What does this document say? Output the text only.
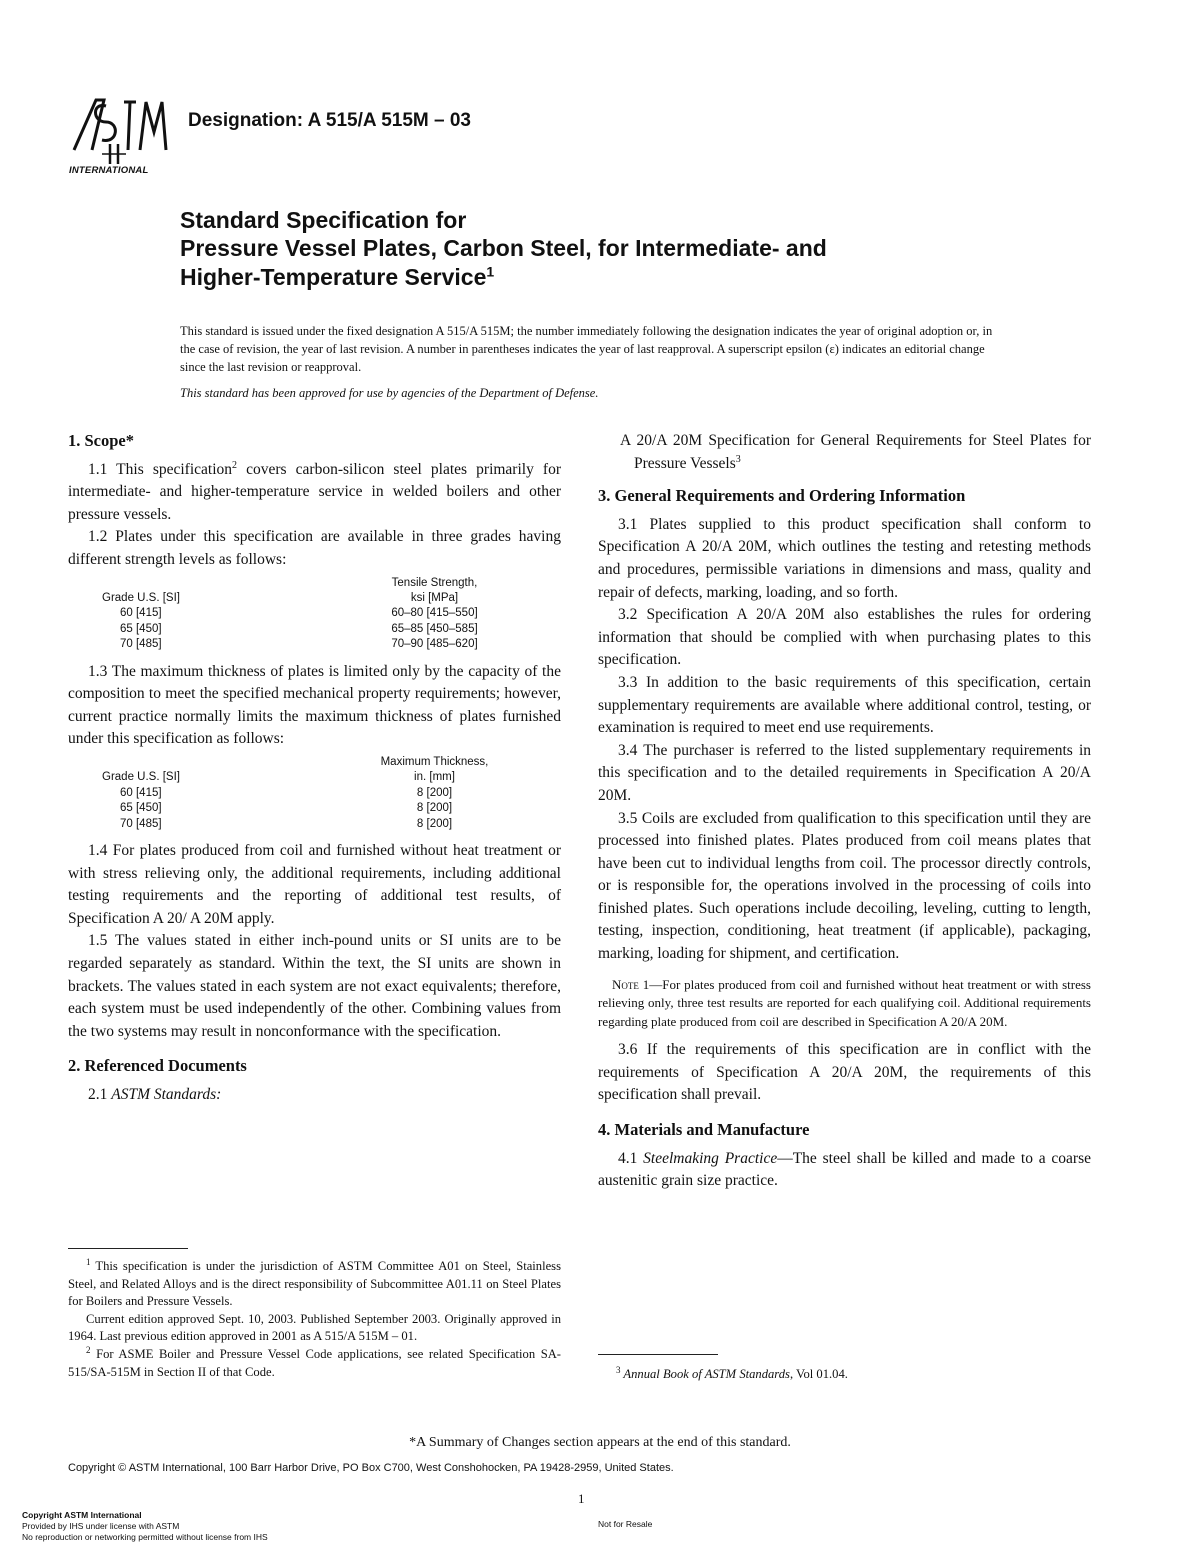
INTERNATIONAL
Designation: A 515/A 515M – 03
Standard Specification for
Pressure Vessel Plates, Carbon Steel, for Intermediate- and
Higher-Temperature Service$^1$

This standard is issued under the fixed designation A 515/A 515M; the number immediately following the designation indicates the year of original adoption or, in the case of revision, the year of last revision. A number in parentheses indicates the year of last reapproval. A superscript epsilon (ε) indicates an editorial change since the last revision or reapproval.

This standard has been approved for use by agencies of the Department of Defense.

1. Scope*

1.1 This specification$^2$ covers carbon-silicon steel plates primarily for intermediate- and higher-temperature service in welded boilers and other pressure vessels.

1.2 Plates under this specification are available in three grades having different strength levels as follows:

	Tensile Strength,
Grade U.S. [SI]	ksi [MPa]
60 [415]	60–80 [415–550]
65 [450]	65–85 [450–585]
70 [485]	70–90 [485–620]

1.3 The maximum thickness of plates is limited only by the capacity of the composition to meet the specified mechanical property requirements; however, current practice normally limits the maximum thickness of plates furnished under this specification as follows:

	Maximum Thickness,
Grade U.S. [SI]	in. [mm]
60 [415]	8 [200]
65 [450]	8 [200]
70 [485]	8 [200]

1.4 For plates produced from coil and furnished without heat treatment or with stress relieving only, the additional requirements, including additional testing requirements and the reporting of additional test results, of Specification A 20/ A 20M apply.

1.5 The values stated in either inch-pound units or SI units are to be regarded separately as standard. Within the text, the SI units are shown in brackets. The values stated in each system are not exact equivalents; therefore, each system must be used independently of the other. Combining values from the two systems may result in nonconformance with the specification.

2. Referenced Documents

2.1 ASTM Standards:

A 20/A 20M Specification for General Requirements for Steel Plates for Pressure Vessels$^3$

3. General Requirements and Ordering Information

3.1 Plates supplied to this product specification shall conform to Specification A 20/A 20M, which outlines the testing and retesting methods and procedures, permissible variations in dimensions and mass, quality and repair of defects, marking, loading, and so forth.

3.2 Specification A 20/A 20M also establishes the rules for ordering information that should be complied with when purchasing plates to this specification.

3.3 In addition to the basic requirements of this specification, certain supplementary requirements are available where additional control, testing, or examination is required to meet end use requirements.

3.4 The purchaser is referred to the listed supplementary requirements in this specification and to the detailed requirements in Specification A 20/A 20M.

3.5 Coils are excluded from qualification to this specification until they are processed into finished plates. Plates produced from coil means plates that have been cut to individual lengths from coil. The processor directly controls, or is responsible for, the operations involved in the processing of coils into finished plates. Such operations include decoiling, leveling, cutting to length, testing, inspection, conditioning, heat treatment (if applicable), packaging, marking, loading for shipment, and certification.

Note 1—For plates produced from coil and furnished without heat treatment or with stress relieving only, three test results are reported for each qualifying coil. Additional requirements regarding plate produced from coil are described in Specification A 20/A 20M.

3.6 If the requirements of this specification are in conflict with the requirements of Specification A 20/A 20M, the requirements of this specification shall prevail.

4. Materials and Manufacture

4.1 Steelmaking Practice—The steel shall be killed and made to a coarse austenitic grain size practice.

$^1$ This specification is under the jurisdiction of ASTM Committee A01 on Steel, Stainless Steel, and Related Alloys and is the direct responsibility of Subcommittee A01.11 on Steel Plates for Boilers and Pressure Vessels.

Current edition approved Sept. 10, 2003. Published September 2003. Originally approved in 1964. Last previous edition approved in 2001 as A 515/A 515M – 01.

$^2$ For ASME Boiler and Pressure Vessel Code applications, see related Specification SA-515/SA-515M in Section II of that Code.	$^3$ Annual Book of ASTM Standards, Vol 01.04.

*A Summary of Changes section appears at the end of this standard.
Copyright © ASTM International, 100 Barr Harbor Drive, PO Box C700, West Conshohocken, PA 19428-2959, United States.
1
Copyright ASTM International
Provided by IHS under license with ASTM
No reproduction or networking permitted without license from IHS
Not for Resale
